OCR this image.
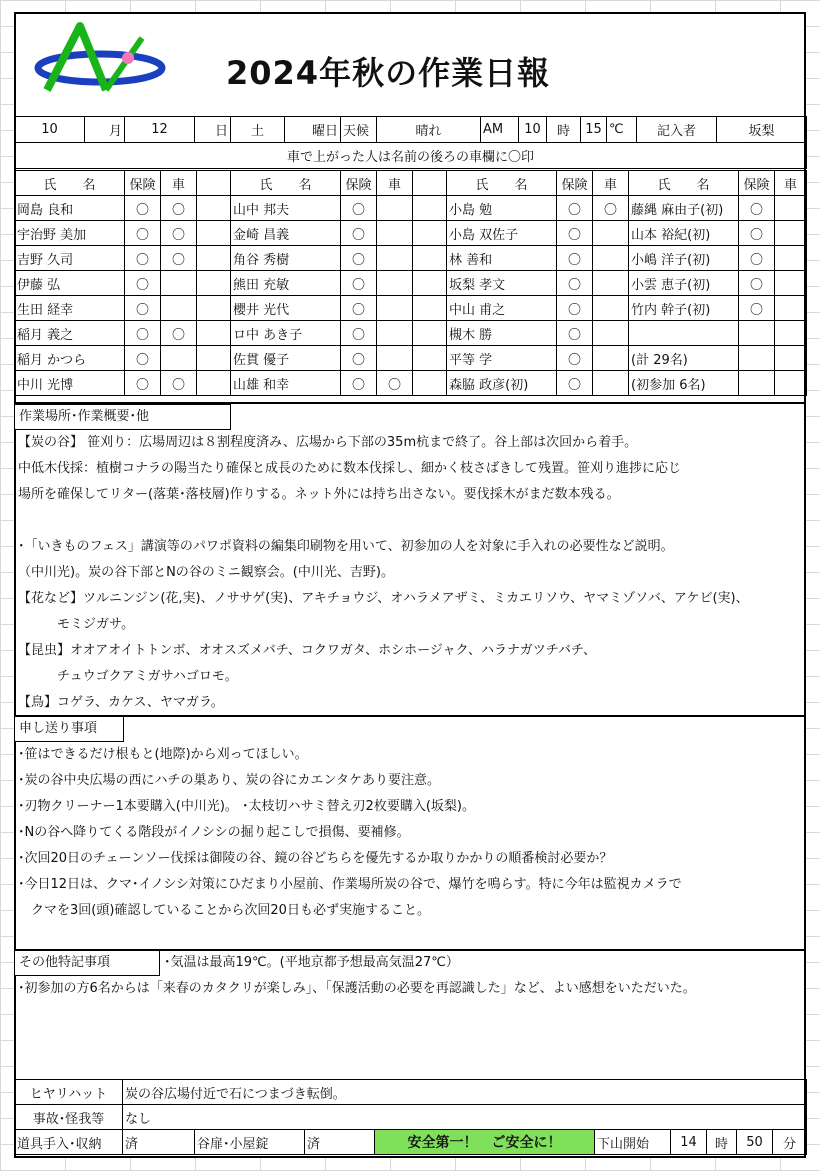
2024年秋の作業日報
10	月	12	日	土	曜日	天候	晴れ	AM	10	時	15	℃	記入者	坂梨
車で上がった人は名前の後ろの車欄に〇印
氏　　名	保険	車		氏　　名	保険	車		氏　　名	保険	車	氏　　名	保険	車
岡島 良和	〇	〇		山中 邦夫	〇			小島 勉	〇	〇	藤縄 麻由子(初)	〇	
宇治野 美加	〇	〇		金崎 昌義	〇			小島 双佐子	〇		山本 裕紀(初)	〇	
吉野 久司	〇	〇		角谷 秀樹	〇			林 善和	〇		小嶋 洋子(初)	〇	
伊藤 弘	〇			熊田 充敏	〇			坂梨 孝文	〇		小雲 恵子(初)	〇	
生田 経幸	〇			櫻井 光代	〇			中山 甫之	〇		竹内 幹子(初)	〇	
稲月 義之	〇	〇		ロ中 あき子	〇			槻木 勝	〇				
稲月 かつら	〇			佐貫 優子	〇			平等 学	〇		(計 29名)		
中川 光博	〇	〇		山雄 和幸	〇	〇		森脇 政彦(初)	〇		(初参加 6名)		
作業場所･作業概要･他
【炭の谷】 笹刈り：広場周辺は８割程度済み、広場から下部の35m杭まで終了。谷上部は次回から着手。
中低木伐採：植樹コナラの陽当たり確保と成長のために数本伐採し、細かく枝さばきして残置。笹刈り進捗に応じ
場所を確保してリター(落葉･落枝層)作りする。ネット外には持ち出さない。要伐採木がまだ数本残る。
･「いきものフェス」講演等のパワポ資料の編集印刷物を用いて、初参加の人を対象に手入れの必要性など説明。
（中川光)。炭の谷下部とNの谷のミニ観察会。(中川光、吉野)。
【花など】ツルニンジン(花,実)、ノササゲ(実)、アキチョウジ、オハラメアザミ、ミカエリソウ、ヤマミゾソバ、アケビ(実)、
　　　モミジガサ。
【昆虫】オオアオイトトンボ、オオスズメバチ、コクワガタ、ホシホージャク、ハラナガツチバチ、
　　　チュウゴクアミガサハゴロモ。
【鳥】コゲラ、カケス、ヤマガラ。
申し送り事項
･笹はできるだけ根もと(地際)から刈ってほしい。
･炭の谷中央広場の西にハチの巣あり、炭の谷にカエンタケあり要注意。
･刃物クリーナー1本要購入(中川光)。 ･太枝切ハサミ替え刃2枚要購入(坂梨)。
･Nの谷へ降りてくる階段がイノシシの掘り起こしで損傷、要補修。
･次回20日のチェーンソー伐採は御陵の谷、鏡の谷どちらを優先するか取りかかりの順番検討必要か？
･今日12日は、クマ･イノシシ対策にひだまり小屋前、作業場所炭の谷で、爆竹を鳴らす。特に今年は監視カメラで
　クマを3回(頭)確認していることから次回20日も必ず実施すること。
その他特記事項	･気温は最高19℃。(平地京都予想最高気温27℃）
･初参加の方6名からは「来春のカタクリが楽しみ」、「保護活動の必要を再認識した」など、よい感想をいただいた。
ヒヤリハット	炭の谷広場付近で石につまづき転倒。								
事故･怪我等	なし								
道具手入･収納	済	谷扉･小屋錠	済	安全第一！　ご安全に！	下山開始	14	時	50	分
